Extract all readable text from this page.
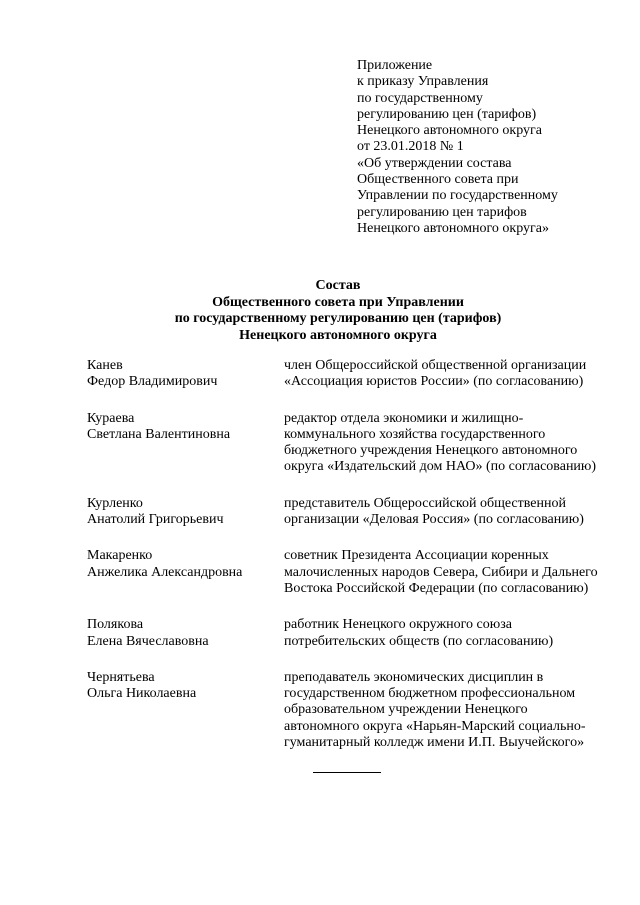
Приложение
к приказу Управления
по государственному
регулированию цен (тарифов)
Ненецкого автономного округа
от 23.01.2018 № 1
«Об утверждении состава
Общественного совета при
Управлении по государственному
регулированию цен тарифов
Ненецкого автономного округа»
Состав
Общественного совета при Управлении
по государственному регулированию цен (тарифов)
Ненецкого автономного округа
Канев
Федор Владимирович
член Общероссийской общественной организации
«Ассоциация юристов России» (по согласованию)
Кураева
Светлана Валентиновна
редактор отдела экономики и жилищно-
коммунального хозяйства государственного
бюджетного учреждения Ненецкого автономного
округа «Издательский дом НАО» (по согласованию)
Курленко
Анатолий Григорьевич
представитель Общероссийской общественной
организации «Деловая Россия» (по согласованию)
Макаренко
Анжелика Александровна
советник Президента Ассоциации коренных
малочисленных народов Севера, Сибири и Дальнего
Востока Российской Федерации (по согласованию)
Полякова
Елена Вячеславовна
работник Ненецкого окружного союза
потребительских обществ (по согласованию)
Чернятьева
Ольга Николаевна
преподаватель экономических дисциплин в
государственном бюджетном профессиональном
образовательном учреждении Ненецкого
автономного округа «Нарьян-Марский социально-
гуманитарный колледж имени И.П. Выучейского»
